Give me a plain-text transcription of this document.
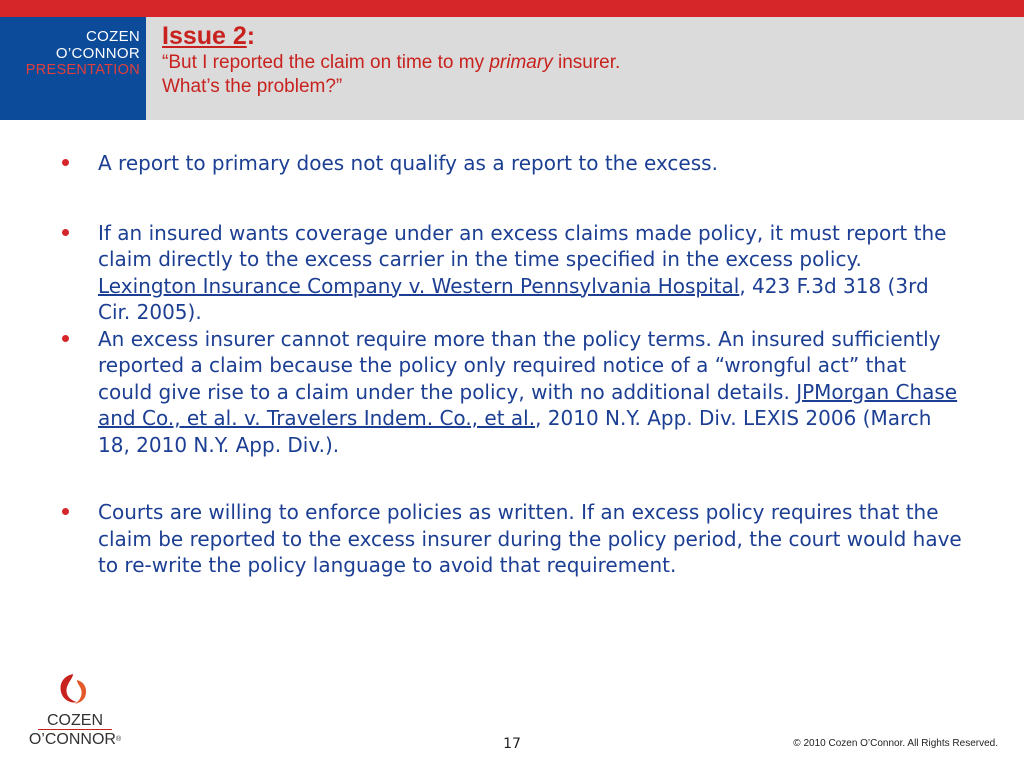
COZEN
O’CONNOR
PRESENTATION
Issue 2:
“But I reported the claim on time to my primary insurer.
What’s the problem?”
A report to primary does not qualify as a report to the excess.
If an insured wants coverage under an excess claims made policy, it must report the claim directly to the excess carrier in the time specified in the excess policy. Lexington Insurance Company v. Western Pennsylvania Hospital, 423 F.3d 318 (3rd Cir. 2005).
An excess insurer cannot require more than the policy terms. An insured sufficiently reported a claim because the policy only required notice of a “wrongful act” that could give rise to a claim under the policy, with no additional details. JPMorgan Chase and Co., et al. v. Travelers Indem. Co., et al., 2010 N.Y. App. Div. LEXIS 2006 (March 18, 2010 N.Y. App. Div.).
Courts are willing to enforce policies as written. If an excess policy requires that the claim be reported to the excess insurer during the policy period, the court would have to re-write the policy language to avoid that requirement.
COZEN
O’CONNOR®	17	© 2010 Cozen O’Connor. All Rights Reserved.
